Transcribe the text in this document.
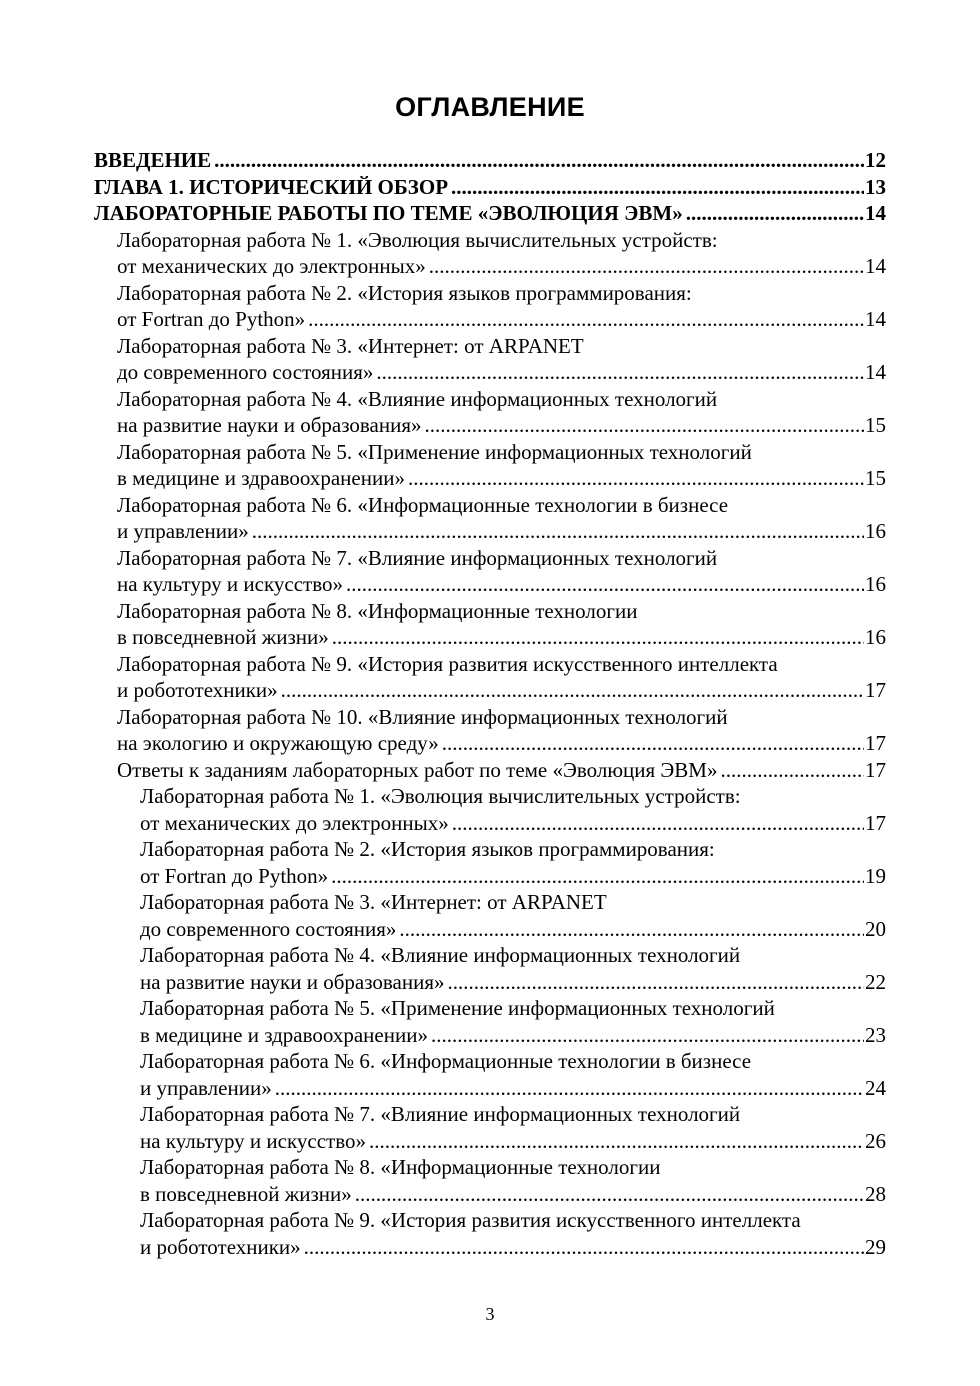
ОГЛАВЛЕНИЕ
ВВЕДЕНИЕ .....	12
ГЛАВА 1. ИСТОРИЧЕСКИЙ ОБЗОР .....	13
ЛАБОРАТОРНЫЕ РАБОТЫ ПО ТЕМЕ «ЭВОЛЮЦИЯ ЭВМ» .....	14
Лабораторная работа № 1. «Эволюция вычислительных устройств:
от механических до электронных» .....	14
Лабораторная работа № 2. «История языков программирования:
от Fortran до Python» .....	14
Лабораторная работа № 3. «Интернет: от ARPANET
до современного состояния» .....	14
Лабораторная работа № 4. «Влияние информационных технологий
на развитие науки и образования» .....	15
Лабораторная работа № 5. «Применение информационных технологий
в медицине и здравоохранении» .....	15
Лабораторная работа № 6. «Информационные технологии в бизнесе
и управлении» .....	16
Лабораторная работа № 7. «Влияние информационных технологий
на культуру и искусство» .....	16
Лабораторная работа № 8. «Информационные технологии
в повседневной жизни» .....	16
Лабораторная работа № 9. «История развития искусственного интеллекта
и робототехники» .....	17
Лабораторная работа № 10. «Влияние информационных технологий
на экологию и окружающую среду» .....	17
Ответы к заданиям лабораторных работ по теме «Эволюция ЭВМ» .....	17
Лабораторная работа № 1. «Эволюция вычислительных устройств:
от механических до электронных» .....	17
Лабораторная работа № 2. «История языков программирования:
от Fortran до Python» .....	19
Лабораторная работа № 3. «Интернет: от ARPANET
до современного состояния» .....	20
Лабораторная работа № 4. «Влияние информационных технологий
на развитие науки и образования» .....	22
Лабораторная работа № 5. «Применение информационных технологий
в медицине и здравоохранении» .....	23
Лабораторная работа № 6. «Информационные технологии в бизнесе
и управлении» .....	24
Лабораторная работа № 7. «Влияние информационных технологий
на культуру и искусство» .....	26
Лабораторная работа № 8. «Информационные технологии
в повседневной жизни» .....	28
Лабораторная работа № 9. «История развития искусственного интеллекта
и робототехники» .....	29
3
